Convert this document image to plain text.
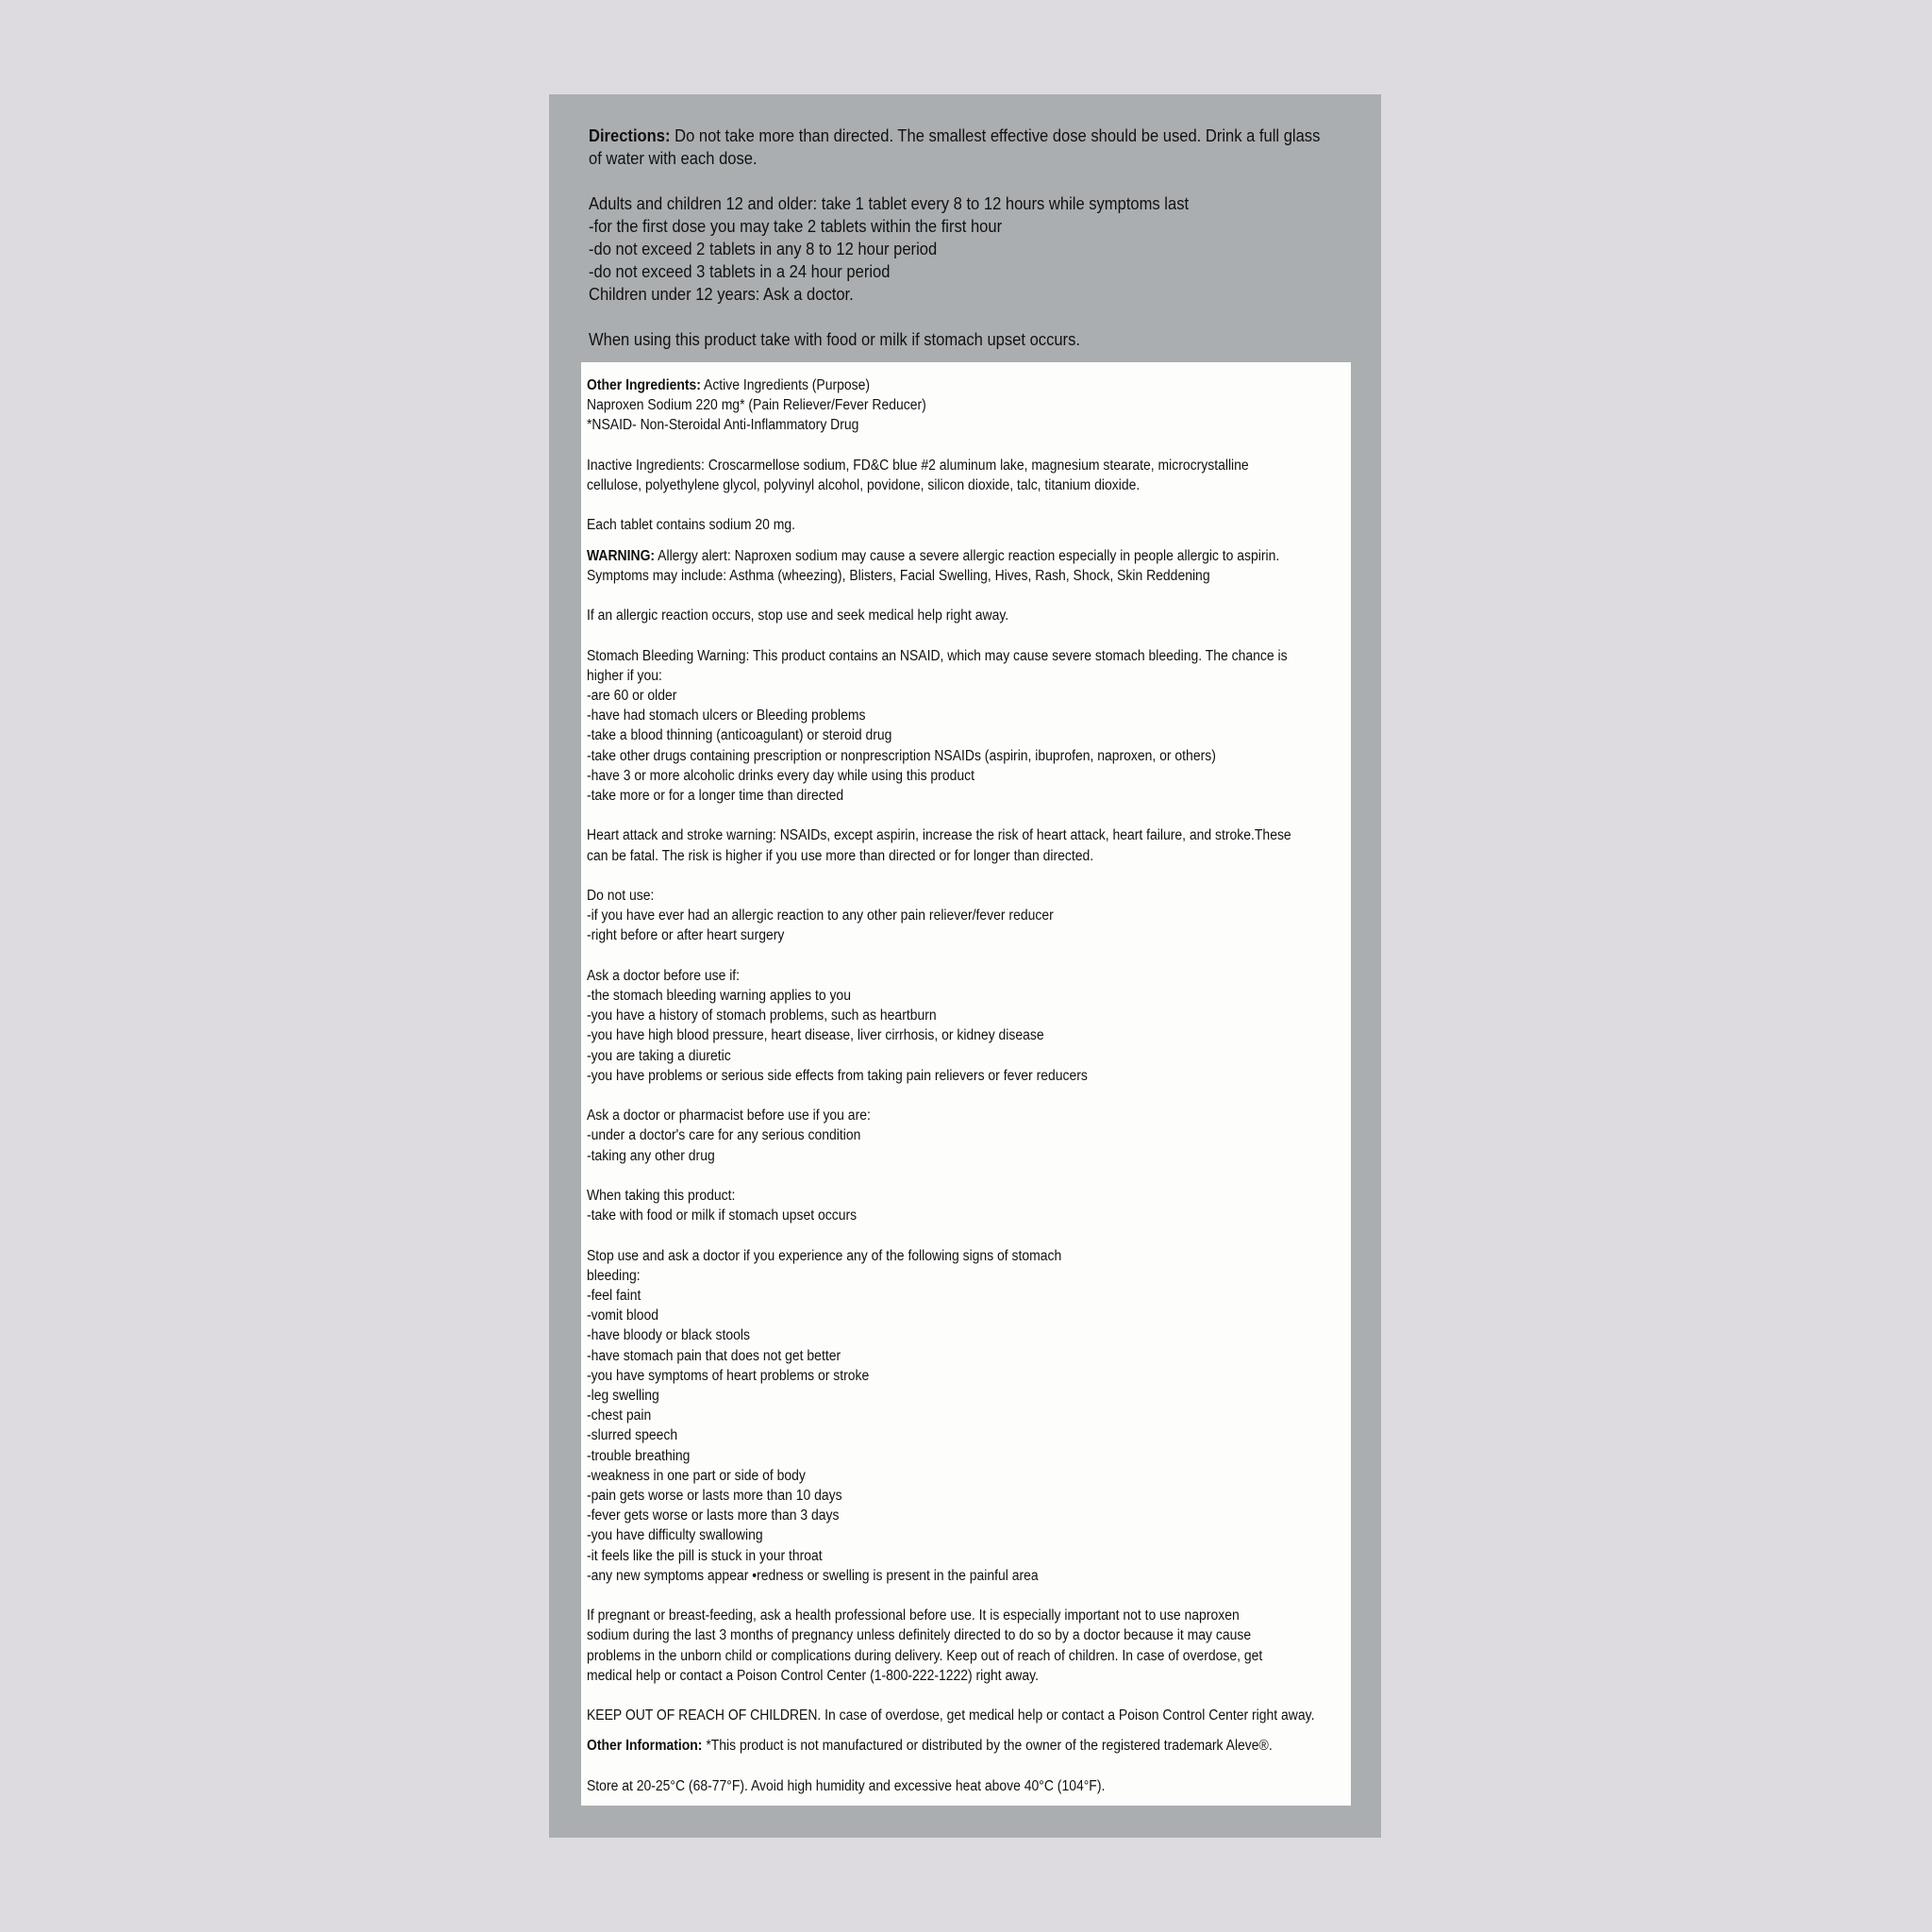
Directions: Do not take more than directed. The smallest effective dose should be used. Drink a full glass

of water with each dose.

Adults and children 12 and older: take 1 tablet every 8 to 12 hours while symptoms last

-for the first dose you may take 2 tablets within the first hour

-do not exceed 2 tablets in any 8 to 12 hour period

-do not exceed 3 tablets in a 24 hour period

Children under 12 years: Ask a doctor.

When using this product take with food or milk if stomach upset occurs.

Other Ingredients: Active Ingredients (Purpose)

Naproxen Sodium 220 mg* (Pain Reliever/Fever Reducer)

*NSAID- Non-Steroidal Anti-Inflammatory Drug

Inactive Ingredients: Croscarmellose sodium, FD&C blue #2 aluminum lake, magnesium stearate, microcrystalline

cellulose, polyethylene glycol, polyvinyl alcohol, povidone, silicon dioxide, talc, titanium dioxide.

Each tablet contains sodium 20 mg.

WARNING: Allergy alert: Naproxen sodium may cause a severe allergic reaction especially in people allergic to aspirin.

Symptoms may include: Asthma (wheezing), Blisters, Facial Swelling, Hives, Rash, Shock, Skin Reddening

If an allergic reaction occurs, stop use and seek medical help right away.

Stomach Bleeding Warning: This product contains an NSAID, which may cause severe stomach bleeding. The chance is

higher if you:

-are 60 or older

-have had stomach ulcers or Bleeding problems

-take a blood thinning (anticoagulant) or steroid drug

-take other drugs containing prescription or nonprescription NSAIDs (aspirin, ibuprofen, naproxen, or others)

-have 3 or more alcoholic drinks every day while using this product

-take more or for a longer time than directed

Heart attack and stroke warning: NSAIDs, except aspirin, increase the risk of heart attack, heart failure, and stroke.These

can be fatal. The risk is higher if you use more than directed or for longer than directed.

Do not use:

-if you have ever had an allergic reaction to any other pain reliever/fever reducer

-right before or after heart surgery

Ask a doctor before use if:

-the stomach bleeding warning applies to you

-you have a history of stomach problems, such as heartburn

-you have high blood pressure, heart disease, liver cirrhosis, or kidney disease

-you are taking a diuretic

-you have problems or serious side effects from taking pain relievers or fever reducers

Ask a doctor or pharmacist before use if you are:

-under a doctor's care for any serious condition

-taking any other drug

When taking this product:

-take with food or milk if stomach upset occurs

Stop use and ask a doctor if you experience any of the following signs of stomach

bleeding:

-feel faint

-vomit blood

-have bloody or black stools

-have stomach pain that does not get better

-you have symptoms of heart problems or stroke

-leg swelling

-chest pain

-slurred speech

-trouble breathing

-weakness in one part or side of body

-pain gets worse or lasts more than 10 days

-fever gets worse or lasts more than 3 days

-you have difficulty swallowing

-it feels like the pill is stuck in your throat

-any new symptoms appear •redness or swelling is present in the painful area

If pregnant or breast-feeding, ask a health professional before use. It is especially important not to use naproxen

sodium during the last 3 months of pregnancy unless definitely directed to do so by a doctor because it may cause

problems in the unborn child or complications during delivery. Keep out of reach of children. In case of overdose, get

medical help or contact a Poison Control Center (1-800-222-1222) right away.

KEEP OUT OF REACH OF CHILDREN. In case of overdose, get medical help or contact a Poison Control Center right away.

Other Information: *This product is not manufactured or distributed by the owner of the registered trademark Aleve®.

Store at 20-25°C (68-77°F). Avoid high humidity and excessive heat above 40°C (104°F).
